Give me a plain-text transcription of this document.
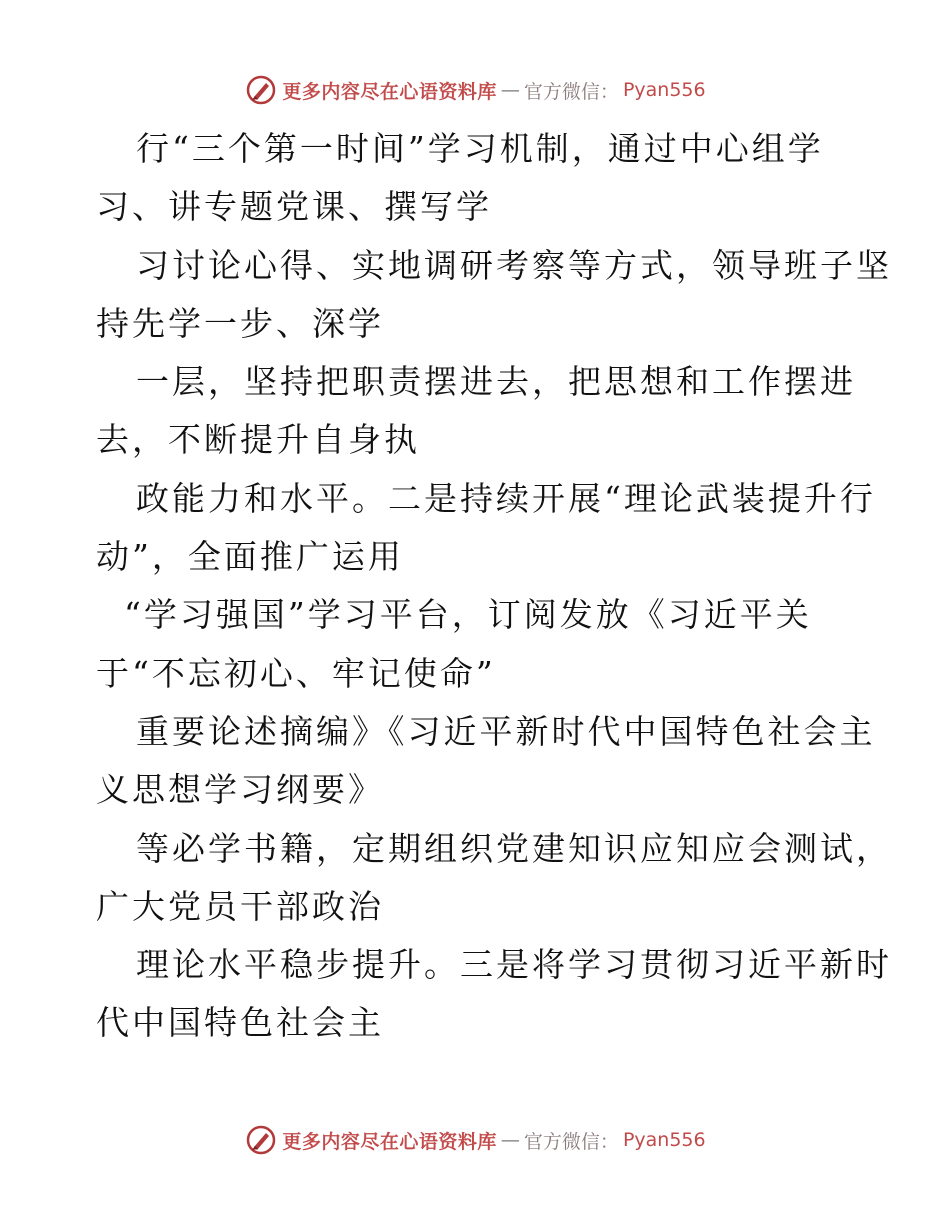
更多内容尽在心语资料库 — 官方微信： Pyan556

行“三个第一时间”学习机制，通过中心组学
习、讲专题党课、撰写学

习讨论心得、实地调研考察等方式，领导班子坚
持先学一步、深学

一层，坚持把职责摆进去，把思想和工作摆进
去，不断提升自身执

政能力和水平。二是持续开展“理论武装提升行
动”，全面推广运用

“学习强国”学习平台，订阅发放《习近平关
于“不忘初心、牢记使命”

重要论述摘编》《习近平新时代中国特色社会主
义思想学习纲要》

等必学书籍，定期组织党建知识应知应会测试，
广大党员干部政治

理论水平稳步提升。三是将学习贯彻习近平新时
代中国特色社会主

更多内容尽在心语资料库 — 官方微信： Pyan556
